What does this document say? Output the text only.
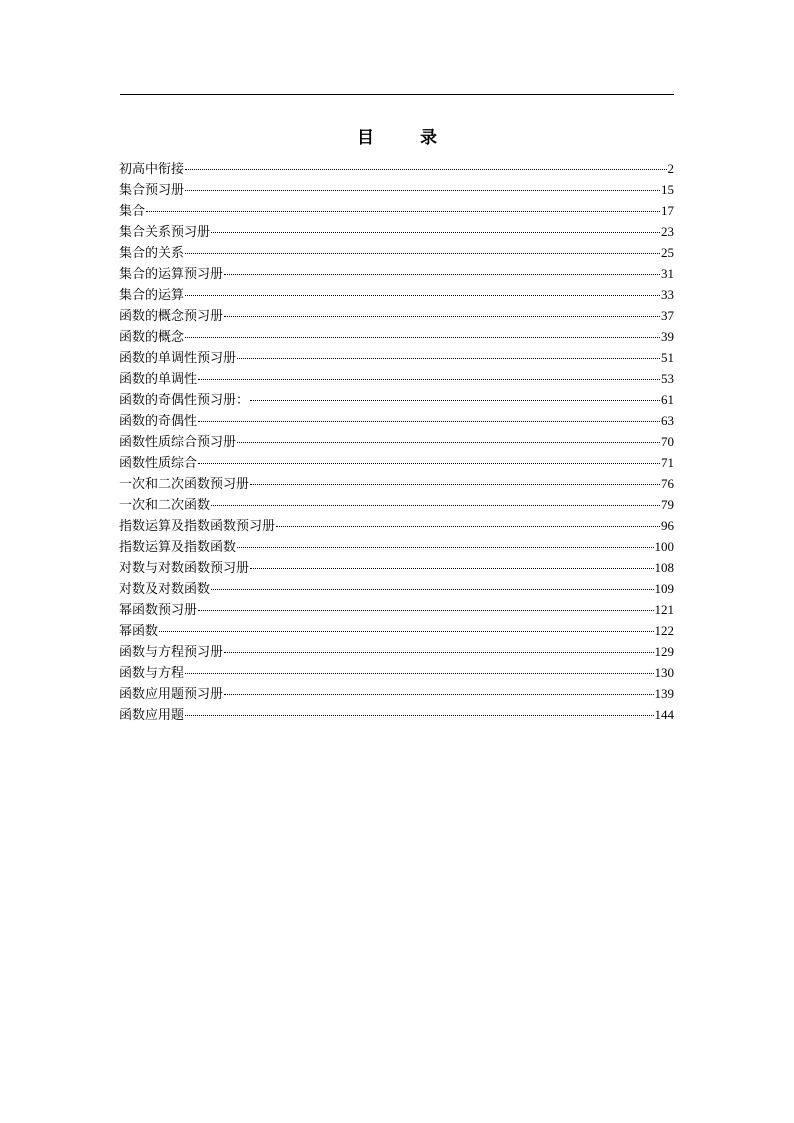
目 录
初高中衔接	2
集合预习册	15
集合	17
集合关系预习册	23
集合的关系	25
集合的运算预习册	31
集合的运算	33
函数的概念预习册	37
函数的概念	39
函数的单调性预习册	51
函数的单调性	53
函数的奇偶性预习册：	61
函数的奇偶性	63
函数性质综合预习册	70
函数性质综合	71
一次和二次函数预习册	76
一次和二次函数	79
指数运算及指数函数预习册	96
指数运算及指数函数	100
对数与对数函数预习册	108
对数及对数函数	109
幂函数预习册	121
幂函数	122
函数与方程预习册	129
函数与方程	130
函数应用题预习册	139
函数应用题	144
